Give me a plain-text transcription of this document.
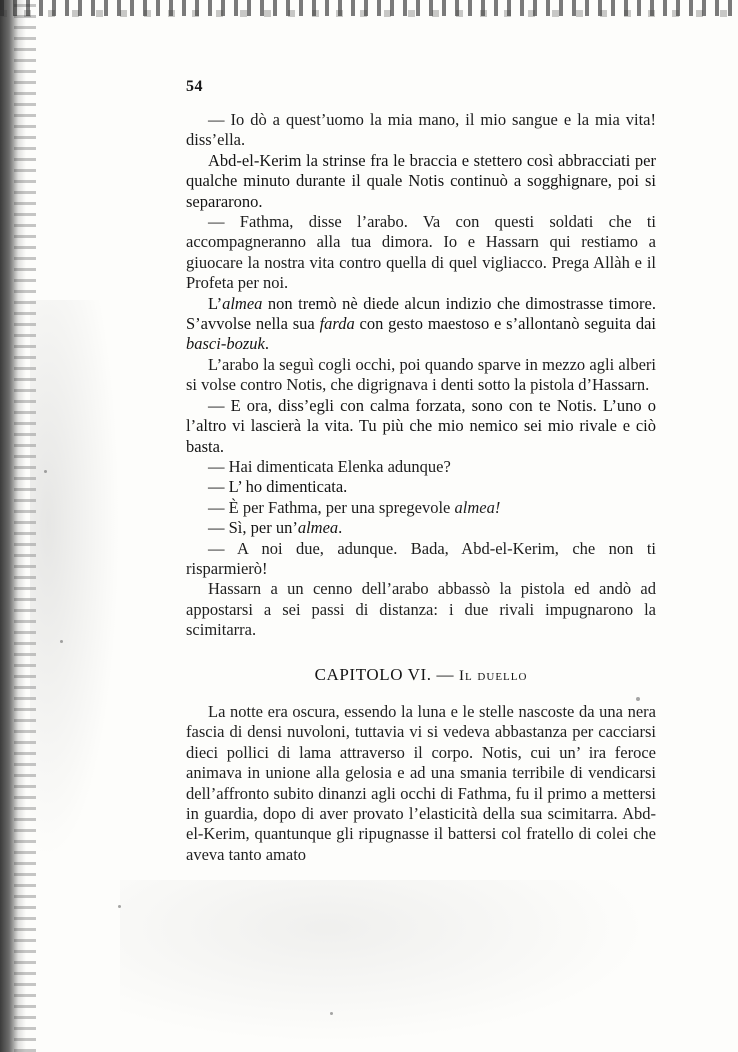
54

— Io dò a quest’uomo la mia mano, il mio sangue e la mia vita! diss’ella.

Abd-el-Kerim la strinse fra le braccia e stettero così abbracciati per qualche minuto durante il quale Notis continuò a sogghignare, poi si separarono.

— Fathma, disse l’arabo. Va con questi soldati che ti accompagneranno alla tua dimora. Io e Hassarn qui restiamo a giuocare la nostra vita contro quella di quel vigliacco. Prega Allàh e il Profeta per noi.

L’almea non tremò nè diede alcun indizio che dimostrasse timore. S’avvolse nella sua farda con gesto maestoso e s’allontanò seguita dai basci-bozuk.

L’arabo la seguì cogli occhi, poi quando sparve in mezzo agli alberi si volse contro Notis, che digrignava i denti sotto la pistola d’Hassarn.

— E ora, diss’egli con calma forzata, sono con te Notis. L’uno o l’altro vi lascierà la vita. Tu più che mio nemico sei mio rivale e ciò basta.

— Hai dimenticata Elenka adunque?

— L’ ho dimenticata.

— È per Fathma, per una spregevole almea!

— Sì, per un’almea.

— A noi due, adunque. Bada, Abd-el-Kerim, che non ti risparmierò!

Hassarn a un cenno dell’arabo abbassò la pistola ed andò ad appostarsi a sei passi di distanza: i due rivali impugnarono la scimitarra.

CAPITOLO VI. — Il duello

La notte era oscura, essendo la luna e le stelle nascoste da una nera fascia di densi nuvoloni, tuttavia vi si vedeva abbastanza per cacciarsi dieci pollici di lama attraverso il corpo. Notis, cui un’ ira feroce animava in unione alla gelosia e ad una smania terribile di vendicarsi dell’affronto subito dinanzi agli occhi di Fathma, fu il primo a mettersi in guardia, dopo di aver provato l’elasticità della sua scimitarra. Abd-el-Kerim, quantunque gli ripugnasse il battersi col fratello di colei che aveva tanto amato
